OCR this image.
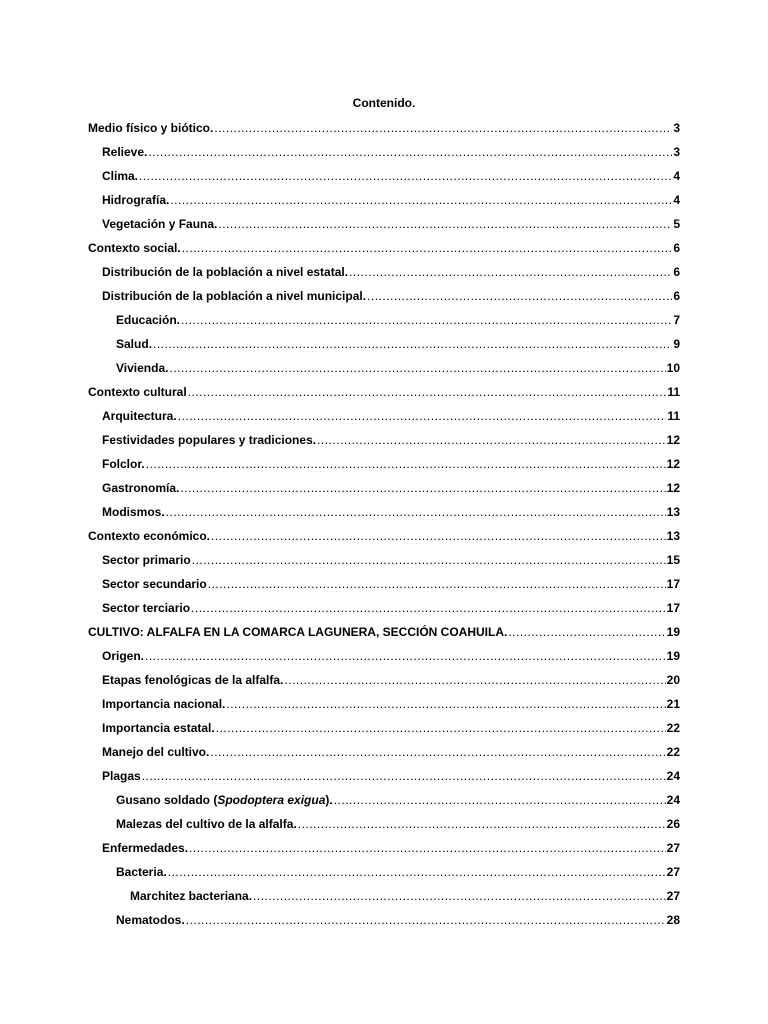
Contenido.
Medio físico y biótico. .....	3
Relieve. .....	3
Clima. .....	4
Hidrografía. .....	4
Vegetación y Fauna. .....	5
Contexto social. .....	6
Distribución de la población a nivel estatal. .....	6
Distribución de la población a nivel municipal. .....	6
Educación. .....	7
Salud. .....	9
Vivienda. .....	10
Contexto cultural .....	11
Arquitectura. .....	11
Festividades populares y tradiciones. .....	12
Folclor. .....	12
Gastronomía. .....	12
Modismos. .....	13
Contexto económico. .....	13
Sector primario .....	15
Sector secundario .....	17
Sector terciario .....	17
CULTIVO: ALFALFA EN LA COMARCA LAGUNERA, SECCIÓN COAHUILA. .....	19
Origen. .....	19
Etapas fenológicas de la alfalfa. .....	20
Importancia nacional. .....	21
Importancia estatal. .....	22
Manejo del cultivo. .....	22
Plagas .....	24
Gusano soldado (Spodoptera exigua). .....	24
Malezas del cultivo de la alfalfa. .....	26
Enfermedades. .....	27
Bacteria. .....	27
Marchitez bacteriana. .....	27
Nematodos. .....	28
